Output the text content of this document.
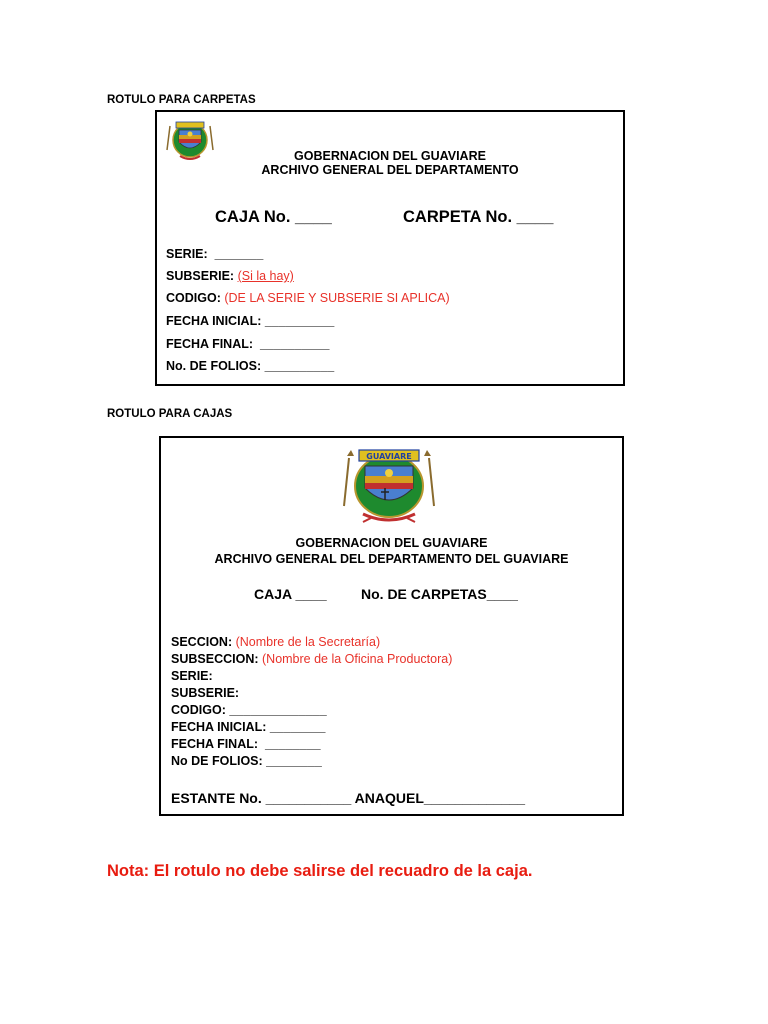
ROTULO PARA CARPETAS
GOBERNACION DEL GUAVIARE
ARCHIVO GENERAL DEL DEPARTAMENTO
CAJA No. ____	CARPETA No. ____
SERIE:  _______
SUBSERIE: (Si la hay)
CODIGO: (DE LA SERIE Y SUBSERIE SI APLICA)
FECHA INICIAL: __________
FECHA FINAL:  __________
No. DE FOLIOS: __________
ROTULO PARA CAJAS
GUAVIARE
GOBERNACION DEL GUAVIARE
ARCHIVO GENERAL DEL DEPARTAMENTO DEL GUAVIARE
CAJA ____ No. DE CARPETAS____
SECCION: (Nombre de la Secretaría)
SUBSECCION: (Nombre de la Oficina Productora)
SERIE:
SUBSERIE:
CODIGO: ______________
FECHA INICIAL: ________
FECHA FINAL:  ________
No DE FOLIOS: ________
ESTANTE No. ___________ ANAQUEL_____________
Nota: El rotulo no debe salirse del recuadro de la caja.
